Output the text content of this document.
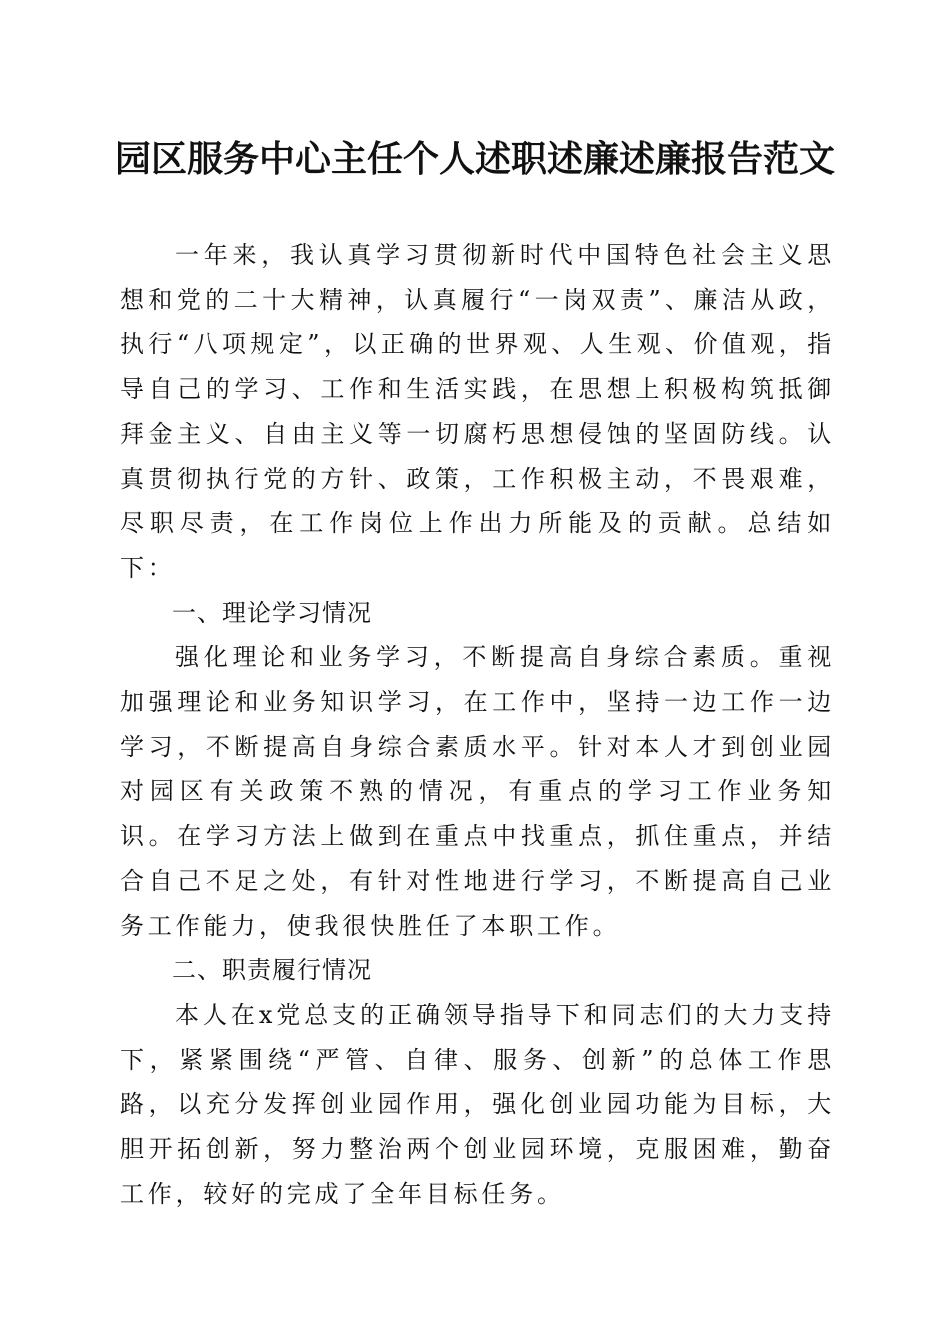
园区服务中心主任个人述职述廉述廉报告范文

一年来，我认真学习贯彻新时代中国特色社会主义思想和党的二十大精神，认真履行“一岗双责”、廉洁从政，执行“八项规定”，以正确的世界观、人生观、价值观，指导自己的学习、工作和生活实践，在思想上积极构筑抵御拜金主义、自由主义等一切腐朽思想侵蚀的坚固防线。认真贯彻执行党的方针、政策，工作积极主动，不畏艰难，尽职尽责，在工作岗位上作出力所能及的贡献。总结如下：

一、理论学习情况

强化理论和业务学习，不断提高自身综合素质。重视加强理论和业务知识学习，在工作中，坚持一边工作一边学习，不断提高自身综合素质水平。针对本人才到创业园对园区有关政策不熟的情况，有重点的学习工作业务知识。在学习方法上做到在重点中找重点，抓住重点，并结合自己不足之处，有针对性地进行学习，不断提高自己业务工作能力，使我很快胜任了本职工作。

二、职责履行情况

本人在x党总支的正确领导指导下和同志们的大力支持下，紧紧围绕“严管、自律、服务、创新”的总体工作思路，以充分发挥创业园作用，强化创业园功能为目标，大胆开拓创新，努力整治两个创业园环境，克服困难，勤奋工作，较好的完成了全年目标任务。
